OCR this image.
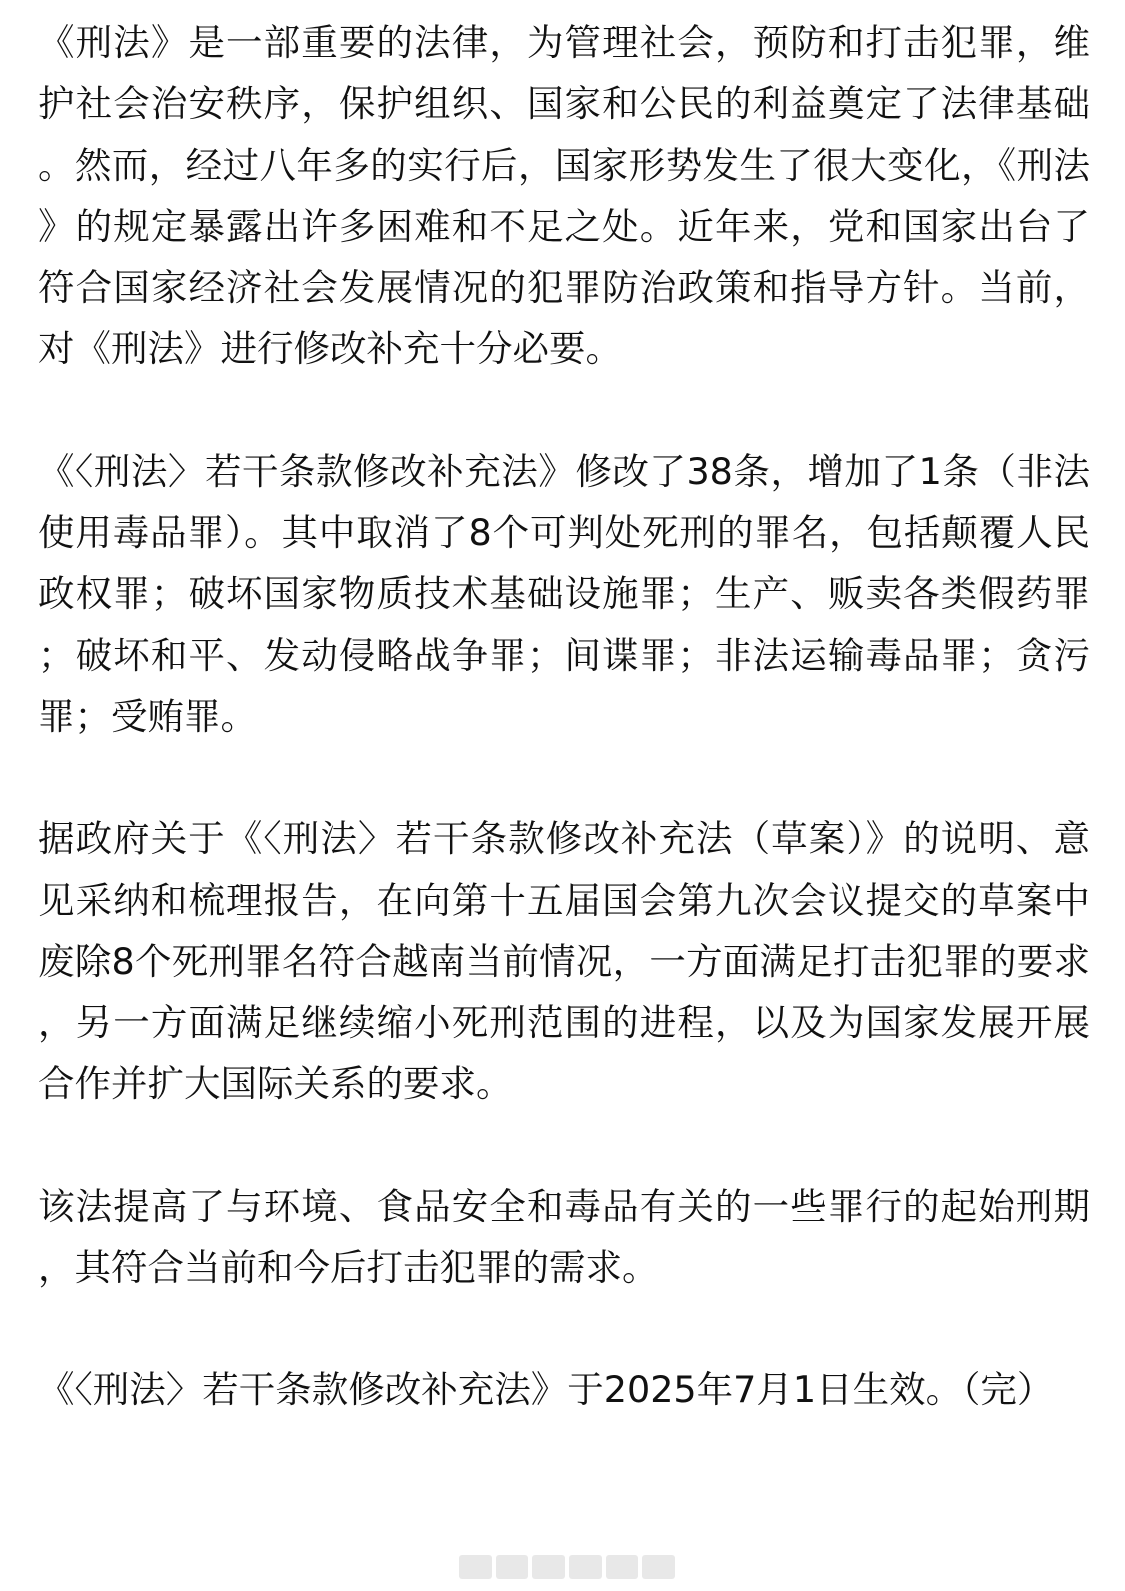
《刑法》是一部重要的法律，为管理社会，预防和打击犯罪，维护社会治安秩序，保护组织、国家和公民的利益奠定了法律基础。然而，经过八年多的实行后，国家形势发生了很大变化，《刑法》的规定暴露出许多困难和不足之处。近年来，党和国家出台了符合国家经济社会发展情况的犯罪防治政策和指导方针。当前，对《刑法》进行修改补充十分必要。

《〈刑法〉若干条款修改补充法》修改了38条，增加了1条（非法使用毒品罪）。其中取消了8个可判处死刑的罪名，包括颠覆人民政权罪；破坏国家物质技术基础设施罪；生产、贩卖各类假药罪；破坏和平、发动侵略战争罪；间谍罪；非法运输毒品罪；贪污罪；受贿罪。

据政府关于《〈刑法〉若干条款修改补充法（草案）》的说明、意见采纳和梳理报告，在向第十五届国会第九次会议提交的草案中废除8个死刑罪名符合越南当前情况，一方面满足打击犯罪的要求，另一方面满足继续缩小死刑范围的进程，以及为国家发展开展合作并扩大国际关系的要求。

该法提高了与环境、食品安全和毒品有关的一些罪行的起始刑期，其符合当前和今后打击犯罪的需求。

《〈刑法〉若干条款修改补充法》于2025年7月1日生效。（完）
